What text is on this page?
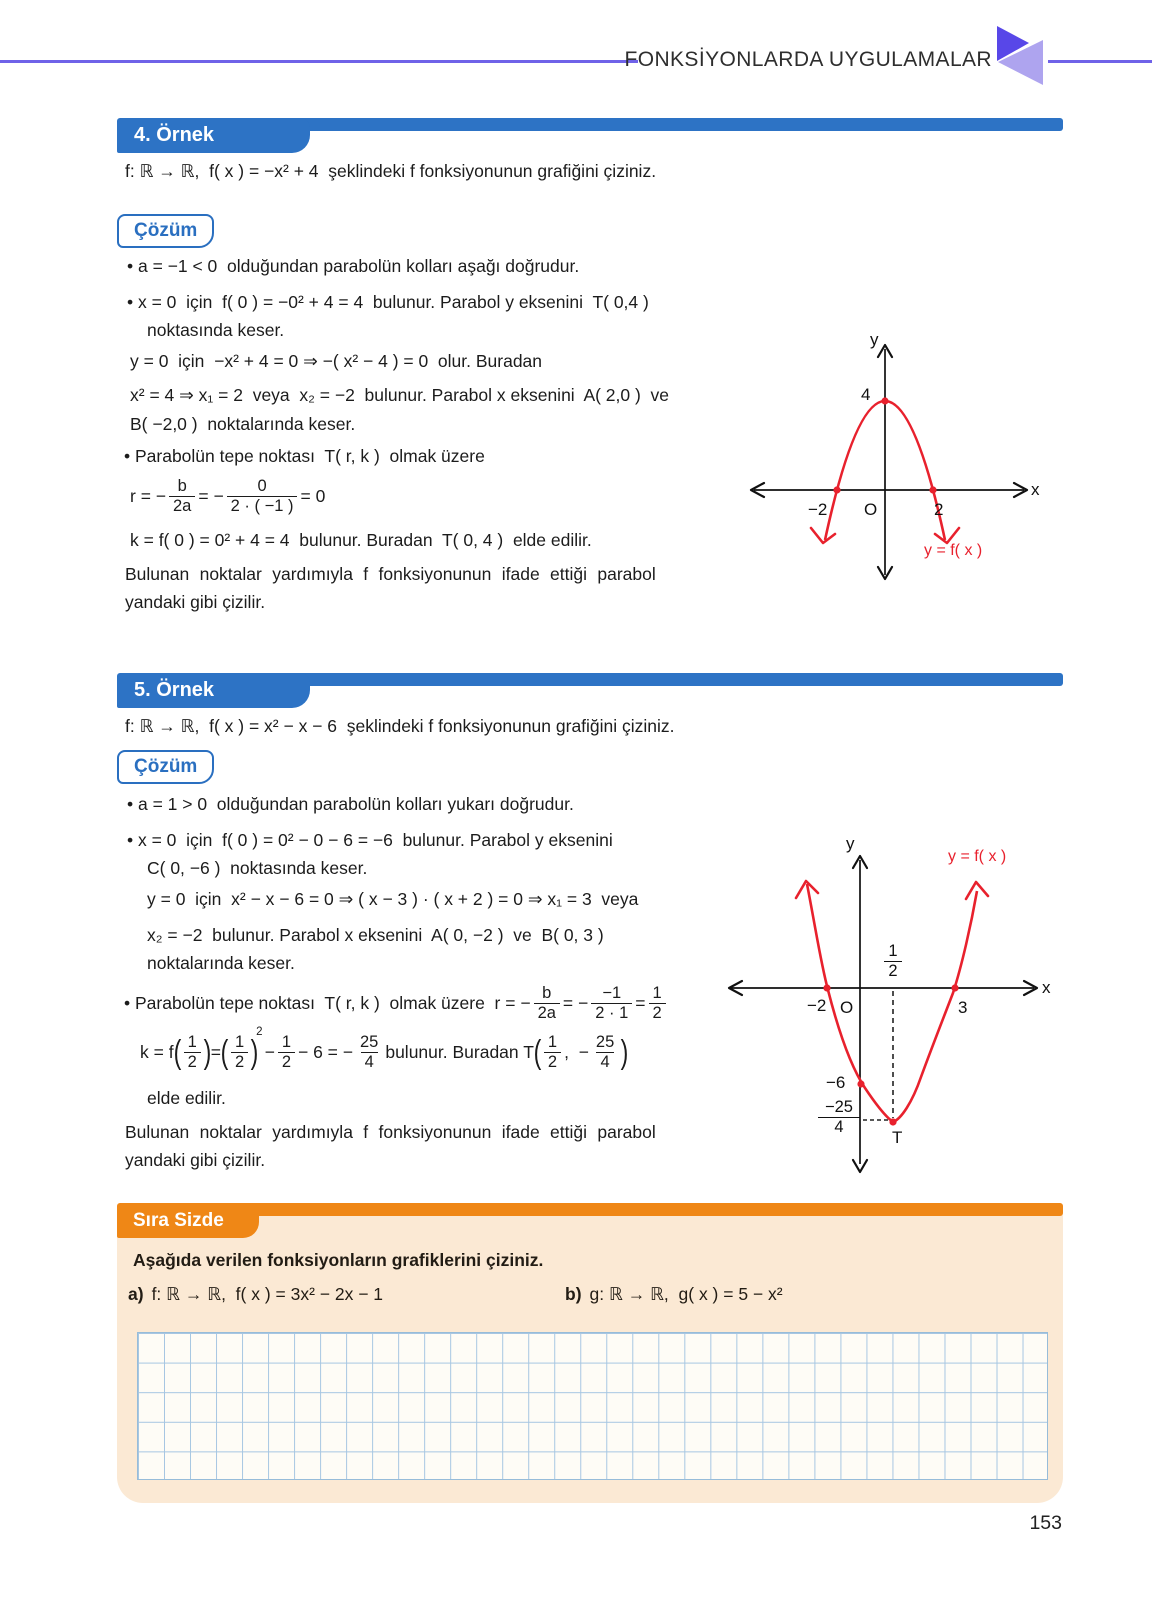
FONKSİYONLARDA UYGULAMALAR
4. Örnek
f: ℝ → ℝ,  f( x ) = −x² + 4  şeklindeki f fonksiyonunun grafiğini çiziniz.
Çözüm
• a = −1 < 0  olduğundan parabolün kolları aşağı doğrudur.
• x = 0  için  f( 0 ) = −0² + 4 = 4  bulunur. Parabol y eksenini  T( 0,4 )
noktasında keser.
y = 0  için  −x² + 4 = 0 ⇒ −( x² − 4 ) = 0  olur. Buradan
x² = 4 ⇒ x₁ = 2  veya  x₂ = −2  bulunur. Parabol x eksenini  A( 2,0 )  ve
B( −2,0 )  noktalarında keser.
• Parabolün tepe noktası  T( r, k )  olmak üzere
r = − $\frac{b}{2a}$ = − $\frac{0}{2 \cdot ( -1 )} = 0$
k = f( 0 ) = 0² + 4 = 4  bulunur. Buradan  T( 0, 4 )  elde edilir.
Bulunan noktalar yardımıyla f fonksiyonunun ifade ettiği parabol
yandaki gibi çizilir.
y
x
4
−2 O	2
y = f( x )
5. Örnek
f: ℝ → ℝ,  f( x ) = x² − x − 6  şeklindeki f fonksiyonunun grafiğini çiziniz.
Çözüm
• a = 1 > 0  olduğundan parabolün kolları yukarı doğrudur.
• x = 0  için  f( 0 ) = 0² − 0 − 6 = −6  bulunur. Parabol y eksenini
C( 0, −6 )  noktasında keser.
y = 0  için  x² − x − 6 = 0 ⇒ ( x − 3 ) · ( x + 2 ) = 0 ⇒ x₁ = 3  veya
x₂ = −2  bulunur. Parabol x eksenini  A( 0, −2 )  ve  B( 0, 3 )
noktalarında keser.
• Parabolün tepe noktası  T( r, k )  olmak üzere  r = − $\frac{b}{2a}$ = − $\frac{-1}{2 \cdot 1} = \frac{1}{2}$
k = f ( $\frac{1}{2}$ ) = ( $\frac{1}{2}$ )
2
− $\frac{1}{2} - 6$ = − $\frac{25}{4}$ bulunur. Buradan T ( $\frac{1}{2}$ ,  − $\frac{25}{4}$ )
elde edilir.
Bulunan noktalar yardımıyla f fonksiyonunun ifade ettiği parabol
yandaki gibi çizilir.
y
x
−2 O	3
−6
$\frac{1}{2}$
$\frac{-25}{4}$
T
y = f( x )
Sıra Sizde
Aşağıda verilen fonksiyonların grafiklerini çiziniz.
a) f: ℝ → ℝ,  f( x ) = 3x² − 2x − 1	b) g: ℝ → ℝ,  g( x ) = 5 − x²
153
